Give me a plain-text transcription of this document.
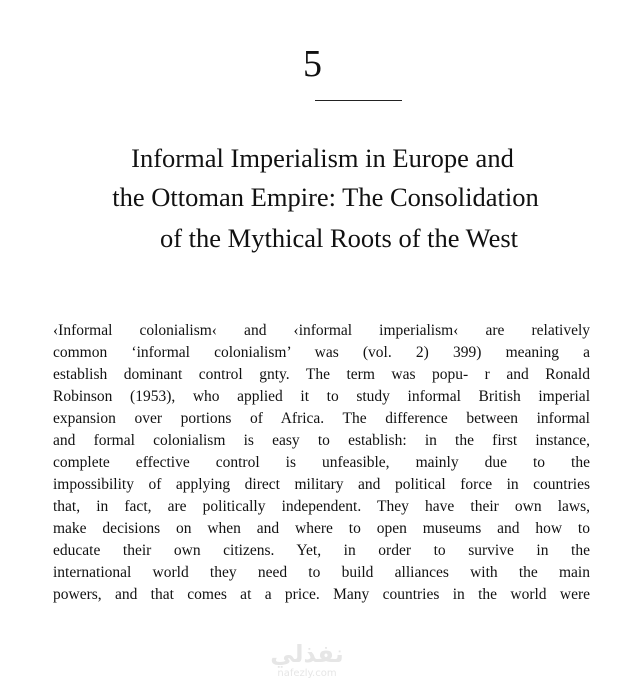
5
Informal Imperialism in Europe and
the Ottoman Empire: The Consolidation
of the Mythical Roots of the West
‹Informal colonialism‹ and ‹informal imperialism‹ are relatively
common ‘informal colonialism’ was (vol. 2) 399) meaning a
establish dominant control gnty. The term was popu- r and Ronald
Robinson (1953), who applied it to study informal British imperial
expansion over portions of Africa. The difference between informal
and formal colonialism is easy to establish: in the first instance,
complete effective control is unfeasible, mainly due to the
impossibility of applying direct military and political force in countries
that, in fact, are politically independent. They have their own laws,
make decisions on when and where to open museums and how to
educate their own citizens. Yet, in order to survive in the
international world they need to build alliances with the main
powers, and that comes at a price. Many countries in the world were
نفذلي
nafezly.com
